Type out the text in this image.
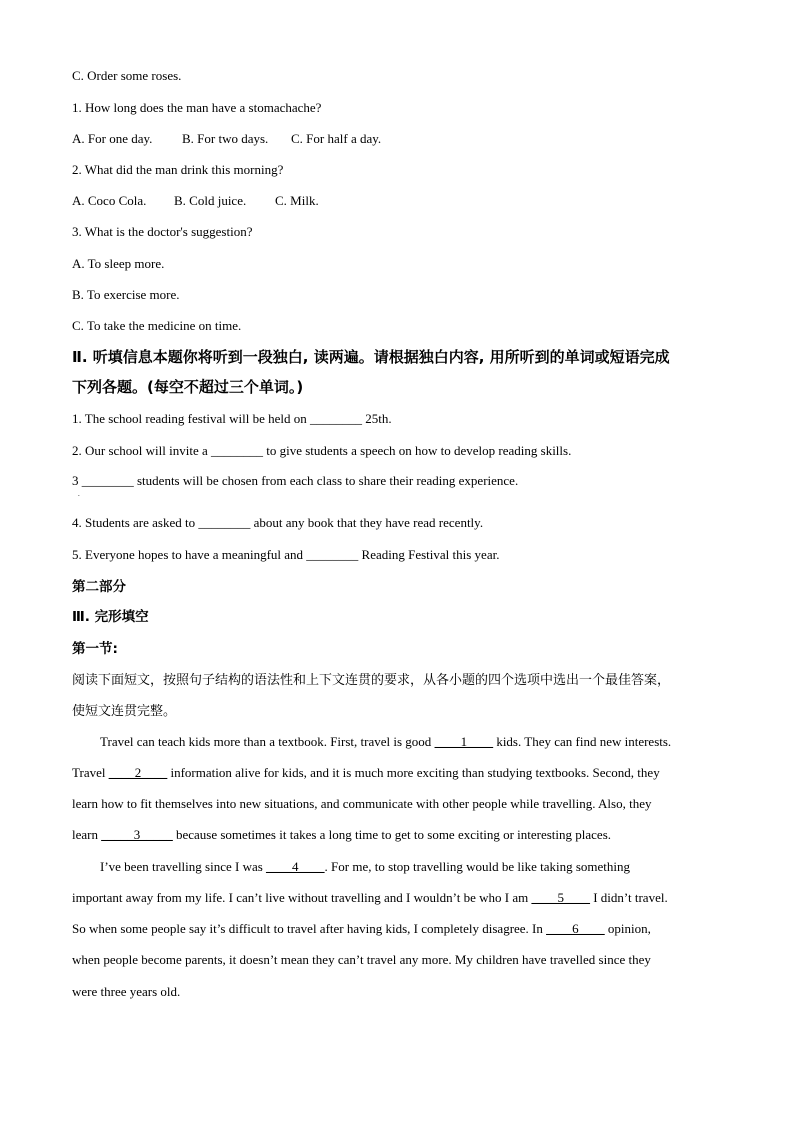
C. Order some roses.
1. How long does the man have a stomachache?
A. For one day. B. For two days. C. For half a day.
2. What did the man drink this morning?
A. Coco Cola. B. Cold juice. C. Milk.
3. What is the doctor's suggestion?
A. To sleep more.
B. To exercise more.
C. To take the medicine on time.
Ⅱ. 听填信息本题你将听到一段独白, 读两遍。请根据独白内容, 用所听到的单词或短语完成
下列各题。(每空不超过三个单词。)
1. The school reading festival will be held on ________ 25th.
2. Our school will invite a ________ to give students a speech on how to develop reading skills.
3 ________ students will be chosen from each class to share their reading experience.
.
4. Students are asked to ________ about any book that they have read recently.
5. Everyone hopes to have a meaningful and ________ Reading Festival this year.
第二部分
Ⅲ. 完形填空
第一节:
阅读下面短文，按照句子结构的语法性和上下文连贯的要求，从各小题的四个选项中选出一个最佳答案，
使短文连贯完整。
Travel can teach kids more than a textbook. First, travel is good ____1____ kids. They can find new interests.
Travel ____2____ information alive for kids, and it is much more exciting than studying textbooks. Second, they
learn how to fit themselves into new situations, and communicate with other people while travelling. Also, they
learn _____3_____ because sometimes it takes a long time to get to some exciting or interesting places.
I’ve been travelling since I was ____4____. For me, to stop travelling would be like taking something
important away from my life. I can’t live without travelling and I wouldn’t be who I am ____5____ I didn’t travel.
So when some people say it’s difficult to travel after having kids, I completely disagree. In ____6____ opinion,
when people become parents, it doesn’t mean they can’t travel any more. My children have travelled since they
were three years old.
